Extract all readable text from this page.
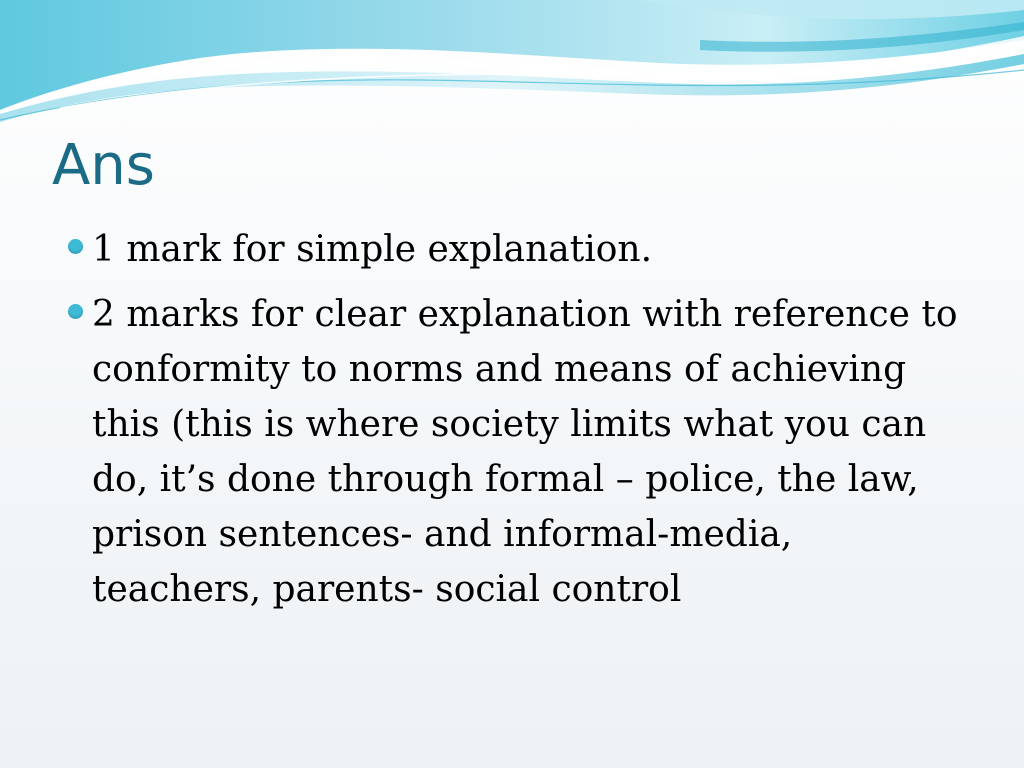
Ans
1 mark for simple explanation.
2 marks for clear explanation with reference to conformity to norms and means of achieving this (this is where society limits what you can do, it’s done through formal – police, the law, prison sentences- and informal-media, teachers, parents- social control
